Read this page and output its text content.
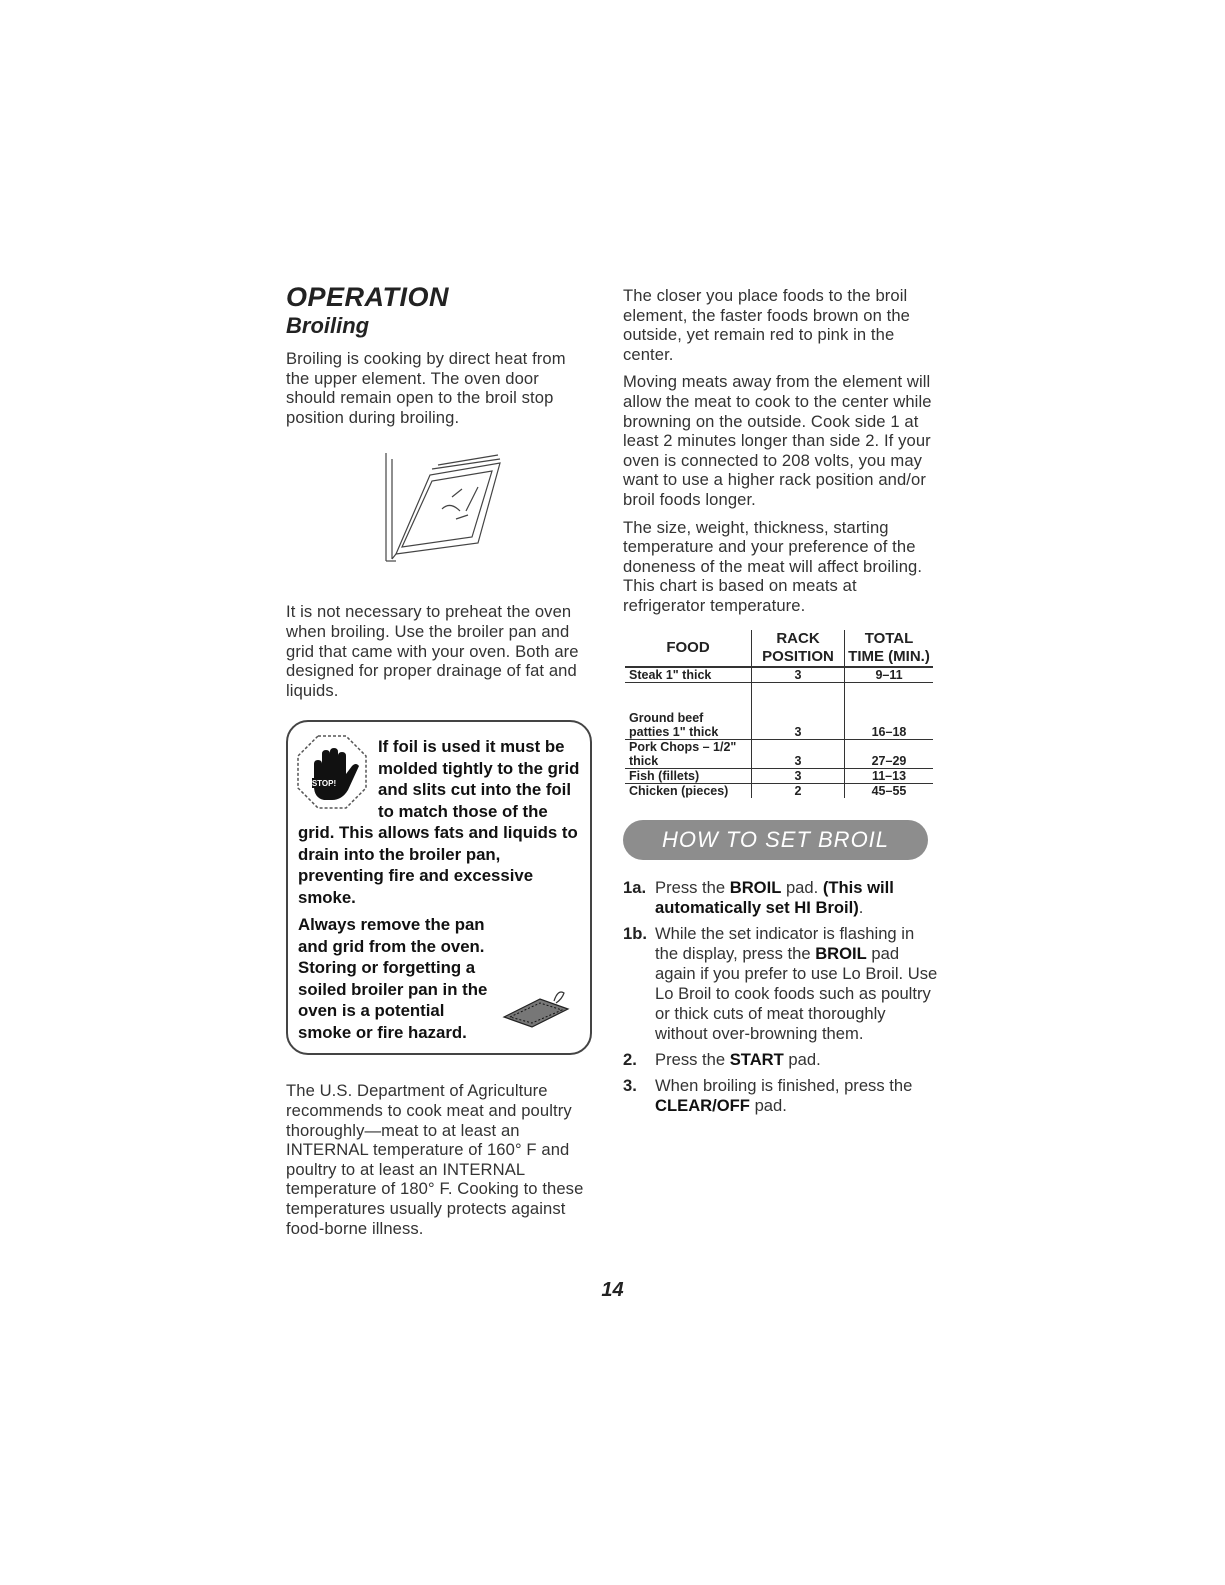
OPERATION
Broiling

Broiling is cooking by direct heat from the upper element. The oven door should remain open to the broil stop position during broiling.

It is not necessary to preheat the oven when broiling. Use the broiler pan and grid that came with your oven. Both are designed for proper drainage of fat and liquids.

STOP!
If foil is used it must be molded tightly to the grid and slits cut into the foil to match those of the grid. This allows fats and liquids to drain into the broiler pan, preventing fire and excessive smoke.
Always remove the pan and grid from the oven. Storing or forgetting a soiled broiler pan in the oven is a potential smoke or fire hazard.

The U.S. Department of Agriculture recommends to cook meat and poultry thoroughly—meat to at least an INTERNAL temperature of 160° F and poultry to at least an INTERNAL temperature of 180° F. Cooking to these temperatures usually protects against food-borne illness.

The closer you place foods to the broil element, the faster foods brown on the outside, yet remain red to pink in the center.

Moving meats away from the element will allow the meat to cook to the center while browning on the outside. Cook side 1 at least 2 minutes longer than side 2. If your oven is connected to 208 volts, you may want to use a higher rack position and/or broil foods longer.

The size, weight, thickness, starting temperature and your preference of the doneness of the meat will affect broiling. This chart is based on meats at refrigerator temperature.

FOOD	RACK POSITION	TOTAL TIME (MIN.)
Steak 1" thick	3	9–11
Ground beef patties 1" thick	3	16–18
Pork Chops – 1/2" thick	3	27–29
Fish (fillets)	3	11–13
Chicken (pieces)	2	45–55
HOW TO SET BROIL
1a. Press the BROIL pad. (This will automatically set HI Broil).
1b. While the set indicator is flashing in the display, press the BROIL pad again if you prefer to use Lo Broil. Use Lo Broil to cook foods such as poultry or thick cuts of meat thoroughly without over-browning them.
2.	Press the START pad.
3.	When broiling is finished, press the CLEAR/OFF pad.
14
